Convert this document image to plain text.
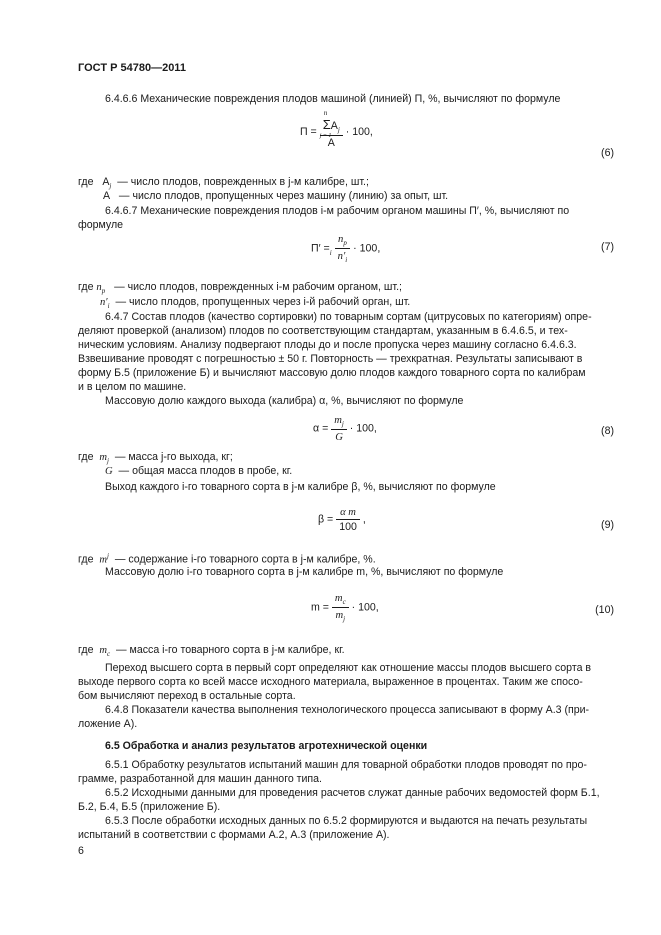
ГОСТ Р 54780—2011
6.4.6.6 Механические повреждения плодов машиной (линией) П, %, вычисляют по формуле
П = n
$\Sigma A_j$
j = 1
A · 100,
(6)
где $A_j$ — число плодов, поврежденных в j-м калибре, шт.;
A — число плодов, пропущенных через машину (линию) за опыт, шт.
6.4.6.7 Механические повреждения плодов i-м рабочим органом машины П′, %, вычисляют по
формуле
$П' =_i \frac{n_p}{n'_i} \cdot 100$,	(7)
где $n_p$ — число плодов, поврежденных i-м рабочим органом, шт.;
$n'_i$ — число плодов, пропущенных через i-й рабочий орган, шт.
6.4.7 Состав плодов (качество сортировки) по товарным сортам (цитрусовых по категориям) опре-
деляют проверкой (анализом) плодов по соответствующим стандартам, указанным в 6.4.6.5, и тех-
ническим условиям. Анализу подвергают плоды до и после пропуска через машину согласно 6.4.6.3.
Взвешивание проводят с погрешностью ± 50 г. Повторность — трехкратная. Результаты записывают в
форму Б.5 (приложение Б) и вычисляют массовую долю плодов каждого товарного сорта по калибрам
и в целом по машине.
Массовую долю каждого выхода (калибра) α, %, вычисляют по формуле
$\alpha = \frac{m_j}{G} \cdot 100$,	(8)
где $m_j$ — масса j-го выхода, кг;
G — общая масса плодов в пробе, кг.
Выход каждого i-го товарного сорта в j-м калибре β, %, вычисляют по формуле
$\beta = \frac{\text{α m}}{100}$ ,	(9)
где $m^j$ — содержание i-го товарного сорта в j-м калибре, %.
Массовую долю i-го товарного сорта в j-м калибре m, %, вычисляют по формуле
$m = \frac{m_c}{m_j} \cdot 100$,	(10)
где $m_c$ — масса i-го товарного сорта в j-м калибре, кг.
Переход высшего сорта в первый сорт определяют как отношение массы плодов высшего сорта в
выходе первого сорта ко всей массе исходного материала, выраженное в процентах. Таким же спосо-
бом вычисляют переход в остальные сорта.
6.4.8 Показатели качества выполнения технологического процесса записывают в форму А.3 (при-
ложение А).
6.5 Обработка и анализ результатов агротехнической оценки
6.5.1 Обработку результатов испытаний машин для товарной обработки плодов проводят по про-
грамме, разработанной для машин данного типа.
6.5.2 Исходными данными для проведения расчетов служат данные рабочих ведомостей форм Б.1,
Б.2, Б.4, Б.5 (приложение Б).
6.5.3 После обработки исходных данных по 6.5.2 формируются и выдаются на печать результаты
испытаний в соответствии с формами А.2, А.3 (приложение А).
6
